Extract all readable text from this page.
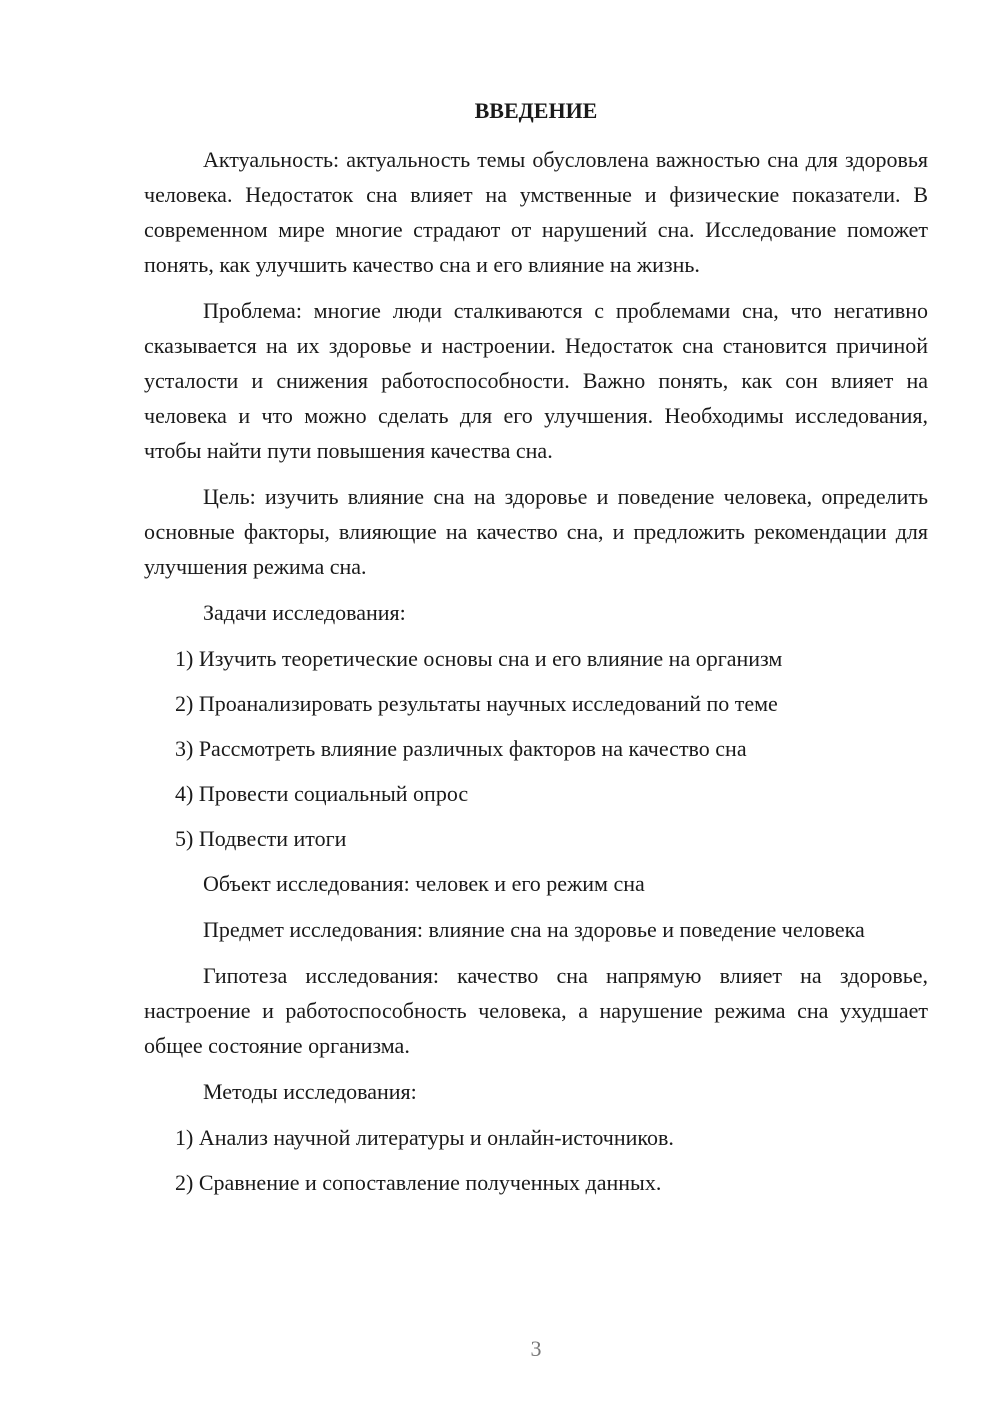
ВВЕДЕНИЕ

Актуальность: актуальность темы обусловлена важностью сна для здоровья человека. Недостаток сна влияет на умственные и физические показатели. В современном мире многие страдают от нарушений сна. Исследование поможет понять, как улучшить качество сна и его влияние на жизнь.

Проблема: многие люди сталкиваются с проблемами сна, что негативно сказывается на их здоровье и настроении. Недостаток сна становится причиной усталости и снижения работоспособности. Важно понять, как сон влияет на человека и что можно сделать для его улучшения. Необходимы исследования, чтобы найти пути повышения качества сна.

Цель: изучить влияние сна на здоровье и поведение человека, определить основные факторы, влияющие на качество сна, и предложить рекомендации для улучшения режима сна.

Задачи исследования:

1) Изучить теоретические основы сна и его влияние на организм

2) Проанализировать результаты научных исследований по теме

3) Рассмотреть влияние различных факторов на качество сна

4) Провести социальный опрос

5) Подвести итоги

Объект исследования: человек и его режим сна

Предмет исследования: влияние сна на здоровье и поведение человека

Гипотеза исследования: качество сна напрямую влияет на здоровье, настроение и работоспособность человека, а нарушение режима сна ухудшает общее состояние организма.

Методы исследования:

1) Анализ научной литературы и онлайн-источников.

2) Сравнение и сопоставление полученных данных.

3
